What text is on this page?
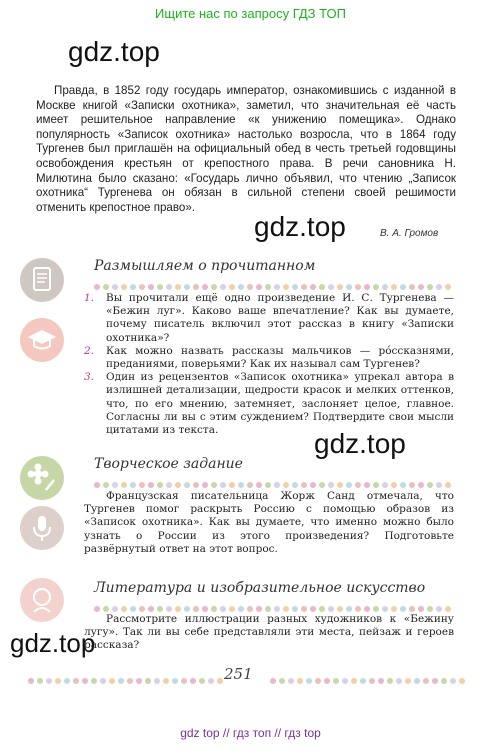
Ищите нас по запросу ГДЗ ТОП
gdz.top
gdz.top
gdz.top
gdz.top
Правда, в 1852 году государь император, ознакомившись с изданной в Москве книгой «Записки охотника», заметил, что значительная её часть имеет решительное направление «к унижению помещика». Однако популярность «Записок охотника» настолько возросла, что в 1864 году Тургенев был приглашён на официальный обед в честь третьей годовщины освобождения крестьян от крепостного права. В речи сановника Н. Милютина было сказано: «Государь лично объявил, что чтению „Записок охотника“ Тургенева он обязан в сильной степени своей решимости отменить крепостное право».
В. А. Громов
Размышляем о прочитанном
1. Вы прочитали ещё одно произведение И. С. Тургенева — «Бежин луг». Каково ваше впечатление? Как вы думаете, почему писатель включил этот рассказ в книгу «Записки охотника»?
2. Как можно назвать рассказы мальчиков — рóссказнями, преданиями, поверьями? Как их называл сам Тургенев?
3. Один из рецензентов «Записок охотника» упрекал автора в излишней детализации, щедрости красок и мелких оттенков, что, по его мнению, затемняет, заслоняет целое, главное. Согласны ли вы с этим суждением? Подтвердите свои мысли цитатами из текста.
Творческое задание
Французская писательница Жорж Санд отмечала, что Тургенев помог раскрыть Россию с помощью образов из «Записок охотника». Как вы думаете, что именно можно было узнать о России из этого произведения? Подготовьте развёрнутый ответ на этот вопрос.
Литература и изобразительное искусство
Рассмотрите иллюстрации разных художников к «Бежину лугу». Так ли вы себе представляли эти места, пейзаж и героев рассказа?
251
gdz top // гдз топ // гдз top
